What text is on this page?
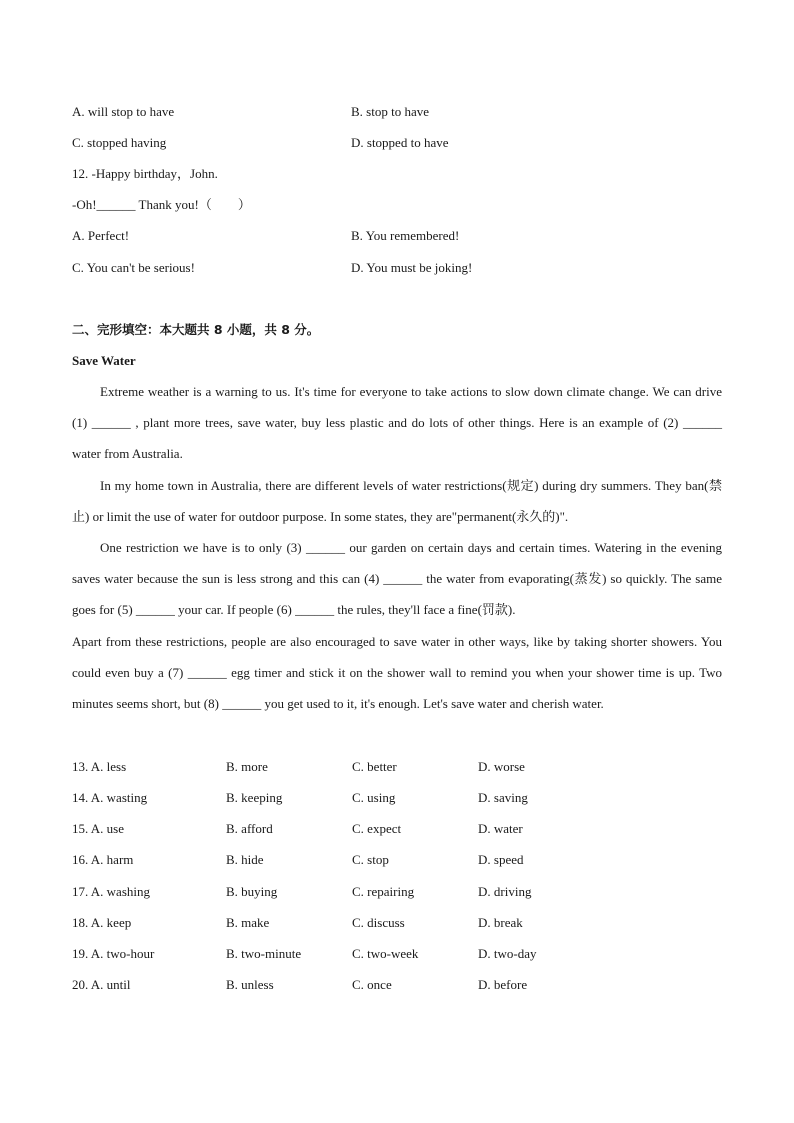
A. will stop to have	B. stop to have
C. stopped having	D. stopped to have
12. -Happy birthday，John.
-Oh!______ Thank you!（　　）
A. Perfect!	B. You remembered!
C. You can't be serious!	D. You must be joking!
二、完形填空：本大题共 8 小题，共 8 分。
Save Water

Extreme weather is a warning to us. It's time for everyone to take actions to slow down climate change. We can drive (1) ______ , plant more trees, save water, buy less plastic and do lots of other things. Here is an example of (2) ______ water from Australia.

In my home town in Australia, there are different levels of water restrictions(规定) during dry summers. They ban(禁止) or limit the use of water for outdoor purpose. In some states, they are"permanent(永久的)".

One restriction we have is to only (3) ______ our garden on certain days and certain times. Watering in the evening saves water because the sun is less strong and this can (4) ______ the water from evaporating(蒸发) so quickly. The same goes for (5) ______ your car. If people (6) ______ the rules, they'll face a fine(罚款).

Apart from these restrictions, people are also encouraged to save water in other ways, like by taking shorter showers. You could even buy a (7) ______ egg timer and stick it on the shower wall to remind you when your shower time is up. Two minutes seems short, but (8) ______ you get used to it, it's enough. Let's save water and cherish water.

13. A. less	B. more	C. better	D. worse
14. A. wasting	B. keeping	C. using	D. saving
15. A. use	B. afford	C. expect	D. water
16. A. harm	B. hide	C. stop	D. speed
17. A. washing	B. buying	C. repairing	D. driving
18. A. keep	B. make	C. discuss	D. break
19. A. two-hour	B. two-minute	C. two-week	D. two-day
20. A. until	B. unless	C. once	D. before
